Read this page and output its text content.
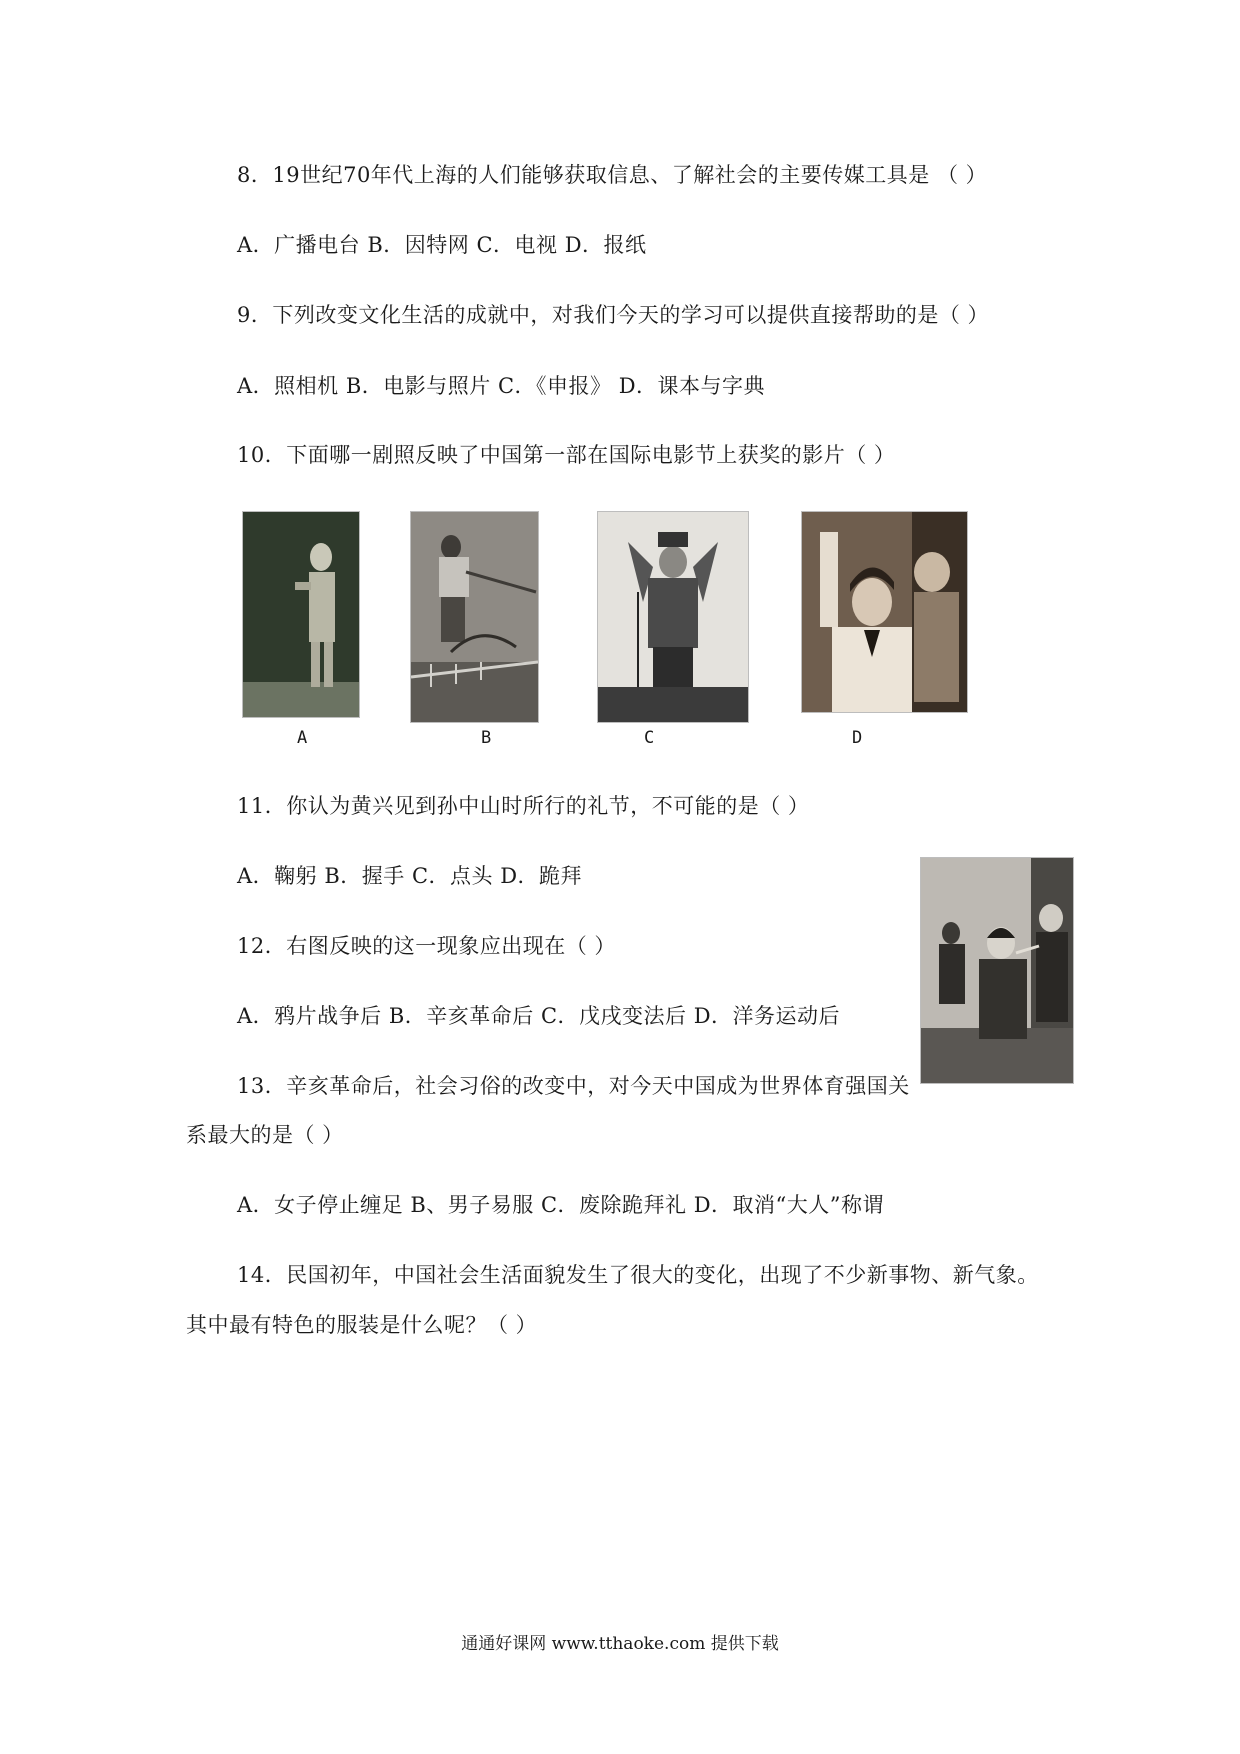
8．19世纪70年代上海的人们能够获取信息、了解社会的主要传媒工具是 （ ）
A．广播电台 B．因特网 C．电视 D．报纸
9．下列改变文化生活的成就中，对我们今天的学习可以提供直接帮助的是（ ）
A．照相机 B．电影与照片 C．《申报》 D．课本与字典
10．下面哪一剧照反映了中国第一部在国际电影节上获奖的影片（ ）
A	B	C	D
11．你认为黄兴见到孙中山时所行的礼节，不可能的是（ ）
A．鞠躬 B．握手 C．点头 D．跪拜
12．右图反映的这一现象应出现在（ ）
A．鸦片战争后 B．辛亥革命后 C．戊戌变法后 D．洋务运动后
13．辛亥革命后，社会习俗的改变中，对今天中国成为世界体育强国关
系最大的是（ ）
A．女子停止缠足 B、男子易服 C．废除跪拜礼 D．取消“大人”称谓
14．民国初年，中国社会生活面貌发生了很大的变化，出现了不少新事物、新气象。
其中最有特色的服装是什么呢？（ ）
通通好课网 www.tthaoke.com 提供下载
